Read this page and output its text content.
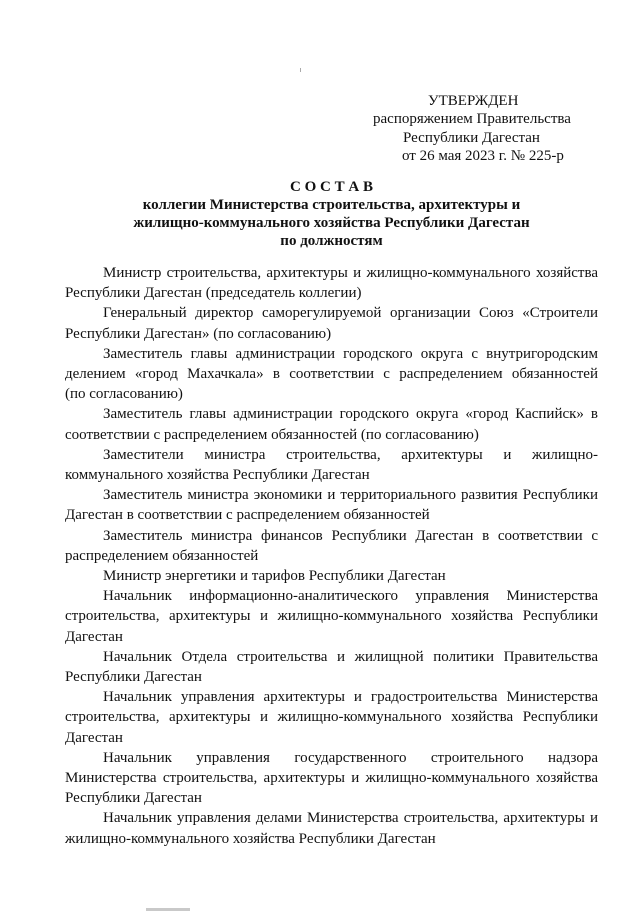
УТВЕРЖДЕН
распоряжением Правительства
Республики Дагестан
от 26 мая 2023 г. № 225-р
С О С Т А В
коллегии Министерства строительства, архитектуры и
жилищно-коммунального хозяйства Республики Дагестан
по должностям
Министр строительства, архитектуры и жилищно-коммунального хозяйства
Республики Дагестан (председатель коллегии)
Генеральный директор саморегулируемой организации Союз «Строители
Республики Дагестан» (по согласованию)
Заместитель главы администрации городского округа с внутригородским
делением «город Махачкала» в соответствии с распределением обязанностей
(по согласованию)
Заместитель главы администрации городского округа «город Каспийск» в
соответствии с распределением обязанностей (по согласованию)
Заместители министра строительства, архитектуры и жилищно-
коммунального хозяйства Республики Дагестан
Заместитель министра экономики и территориального развития Республики
Дагестан в соответствии с распределением обязанностей
Заместитель министра финансов Республики Дагестан в соответствии с
распределением обязанностей
Министр энергетики и тарифов Республики Дагестан
Начальник информационно-аналитического управления Министерства
строительства, архитектуры и жилищно-коммунального хозяйства Республики
Дагестан
Начальник Отдела строительства и жилищной политики Правительства
Республики Дагестан
Начальник управления архитектуры и градостроительства Министерства
строительства, архитектуры и жилищно-коммунального хозяйства Республики
Дагестан
Начальник управления государственного строительного надзора
Министерства строительства, архитектуры и жилищно-коммунального хозяйства
Республики Дагестан
Начальник управления делами Министерства строительства, архитектуры и
жилищно-коммунального хозяйства Республики Дагестан
